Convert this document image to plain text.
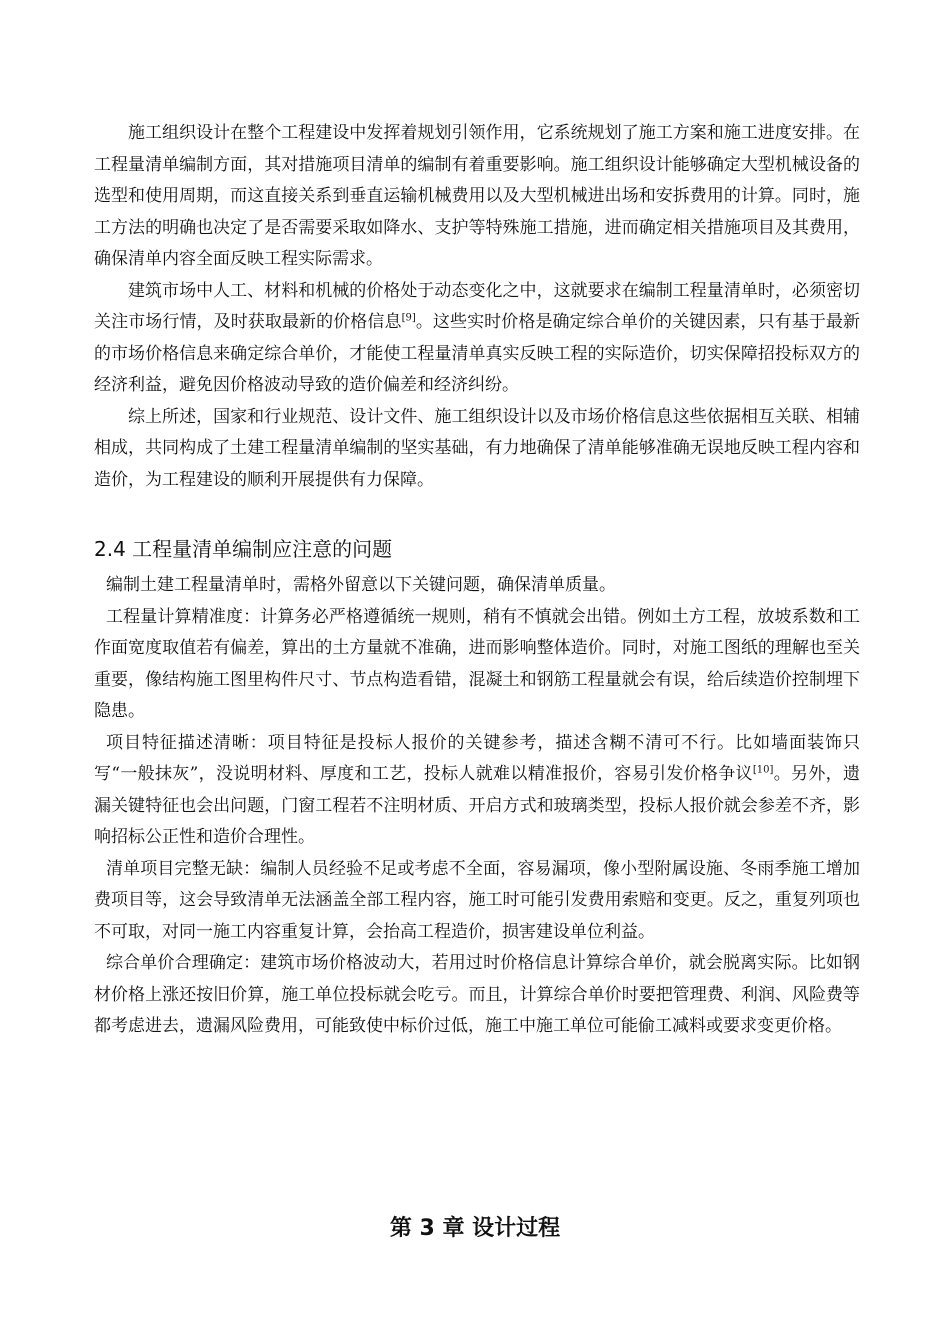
施工组织设计在整个工程建设中发挥着规划引领作用，它系统规划了施工方案和施工进度安排。在工程量清单编制方面，其对措施项目清单的编制有着重要影响。施工组织设计能够确定大型机械设备的选型和使用周期，而这直接关系到垂直运输机械费用以及大型机械进出场和安拆费用的计算。同时，施工方法的明确也决定了是否需要采取如降水、支护等特殊施工措施，进而确定相关措施项目及其费用，确保清单内容全面反映工程实际需求。

建筑市场中人工、材料和机械的价格处于动态变化之中，这就要求在编制工程量清单时，必须密切关注市场行情，及时获取最新的价格信息[9]。这些实时价格是确定综合单价的关键因素，只有基于最新的市场价格信息来确定综合单价，才能使工程量清单真实反映工程的实际造价，切实保障招投标双方的经济利益，避免因价格波动导致的造价偏差和经济纠纷。

综上所述，国家和行业规范、设计文件、施工组织设计以及市场价格信息这些依据相互关联、相辅相成，共同构成了土建工程量清单编制的坚实基础，有力地确保了清单能够准确无误地反映工程内容和造价，为工程建设的顺利开展提供有力保障。

2.4 工程量清单编制应注意的问题

编制土建工程量清单时，需格外留意以下关键问题，确保清单质量。

工程量计算精准度：计算务必严格遵循统一规则，稍有不慎就会出错。例如土方工程，放坡系数和工作面宽度取值若有偏差，算出的土方量就不准确，进而影响整体造价。同时，对施工图纸的理解也至关重要，像结构施工图里构件尺寸、节点构造看错，混凝土和钢筋工程量就会有误，给后续造价控制埋下隐患。

项目特征描述清晰：项目特征是投标人报价的关键参考，描述含糊不清可不行。比如墙面装饰只写“一般抹灰”，没说明材料、厚度和工艺，投标人就难以精准报价，容易引发价格争议[10]。另外，遗漏关键特征也会出问题，门窗工程若不注明材质、开启方式和玻璃类型，投标人报价就会参差不齐，影响招标公正性和造价合理性。

清单项目完整无缺：编制人员经验不足或考虑不全面，容易漏项，像小型附属设施、冬雨季施工增加费项目等，这会导致清单无法涵盖全部工程内容，施工时可能引发费用索赔和变更。反之，重复列项也不可取，对同一施工内容重复计算，会抬高工程造价，损害建设单位利益。

综合单价合理确定：建筑市场价格波动大，若用过时价格信息计算综合单价，就会脱离实际。比如钢材价格上涨还按旧价算，施工单位投标就会吃亏。而且，计算综合单价时要把管理费、利润、风险费等都考虑进去，遗漏风险费用，可能致使中标价过低，施工中施工单位可能偷工减料或要求变更价格。

第 3 章 设计过程
